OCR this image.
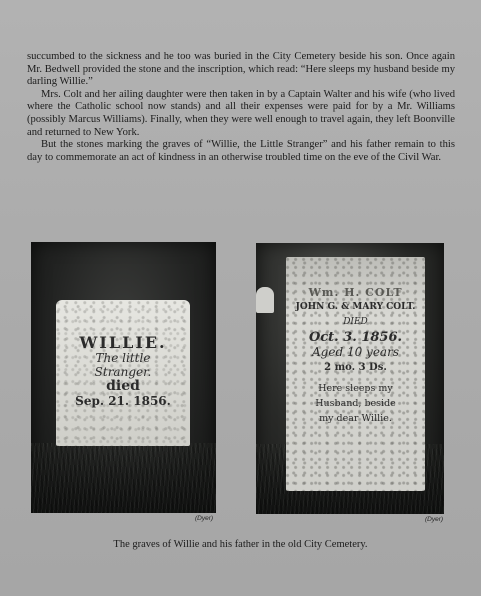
succumbed to the sickness and he too was buried in the City Cemetery beside his son. Once again Mr. Bedwell provided the stone and the inscription, which read: “Here sleeps my husband beside my darling Willie.”

Mrs. Colt and her ailing daughter were then taken in by a Captain Walter and his wife (who lived where the Catholic school now stands) and all their expenses were paid for by a Mr. Williams (possibly Marcus Williams). Finally, when they were well enough to travel again, they left Boonville and returned to New York.

But the stones marking the graves of “Willie, the Little Stranger” and his father remain to this day to commemorate an act of kindness in an otherwise troubled time on the eve of the Civil War.

WILLIE.
The little
Stranger.
died
Sep. 21. 1856.
(Dyer)
Wm. H. COLT
JOHN G. & MARY COLT.
DIED
Oct. 3. 1856.
Aged 10 years
2 mo. 3 Ds.
Here sleeps my
Husband, beside
my dear Willie.
(Dyer)
The graves of Willie and his father in the old City Cemetery.
